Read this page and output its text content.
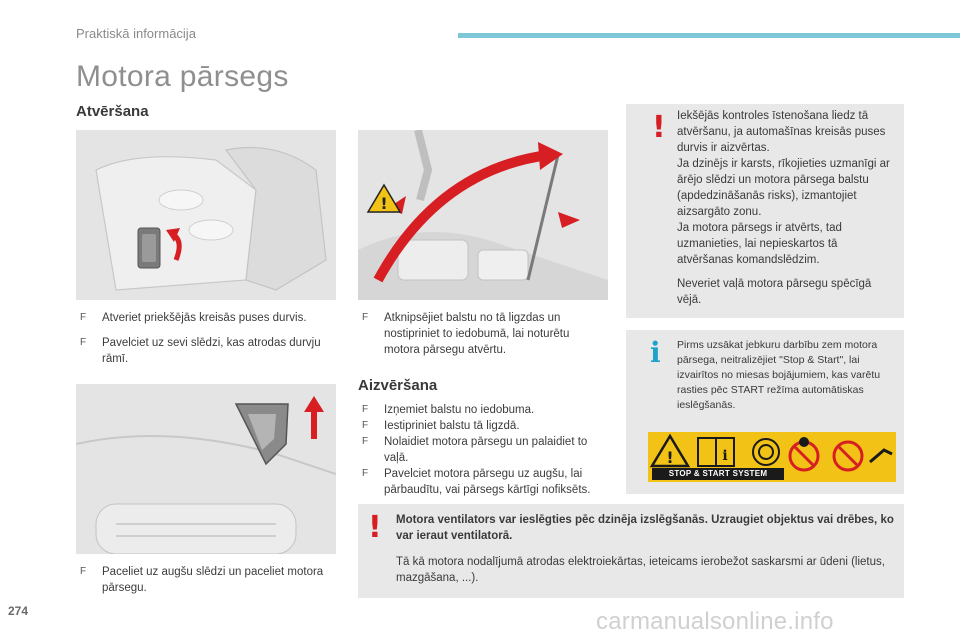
Praktiskā informācija
Motora pārsegs
Atvēršana
!
F Atveriet priekšējās kreisās puses durvis.
F Pavelciet uz sevi slēdzi, kas atrodas durvju rāmī.
F Atknipsējiet balstu no tā ligzdas un nostipriniet to iedobumā, lai noturētu motora pārsegu atvērtu.
F Paceliet uz augšu slēdzi un paceliet motora pārsegu.
Aizvēršana
F Izņemiet balstu no iedobuma.
F Iestipriniet balstu tā ligzdā.
F Nolaidiet motora pārsegu un palaidiet to vaļā.
F Pavelciet motora pārsegu uz augšu, lai pārbaudītu, vai pārsegs kārtīgi nofiksēts.
! Iekšējās kontroles īstenošana liedz tā atvēršanu, ja automašīnas kreisās puses durvis ir aizvērtas.
Ja dzinējs ir karsts, rīkojieties uzmanīgi ar ārējo slēdzi un motora pārsega balstu (apdedzināšanās risks), izmantojiet aizsargāto zonu.
Ja motora pārsegs ir atvērts, tad uzmanieties, lai nepieskartos tā atvēršanas komandslēdzim.
Neveriet vaļā motora pārsegu spēcīgā vējā.
i Pirms uzsākat jebkuru darbību zem motora pārsega, neitralizējiet "Stop & Start", lai izvairītos no miesas bojājumiem, kas varētu rasties pēc START režīma automātiskas ieslēgšanās.
!	i
STOP & START SYSTEM
! Motora ventilators var ieslēgties pēc dzinēja izslēgšanās. Uzraugiet objektus vai drēbes, ko var ieraut ventilatorā.
Tā kā motora nodalījumā atrodas elektroiekārtas, ieteicams ierobežot saskarsmi ar ūdeni (lietus, mazgāšana, ...).
274	carmanualsonline.info
